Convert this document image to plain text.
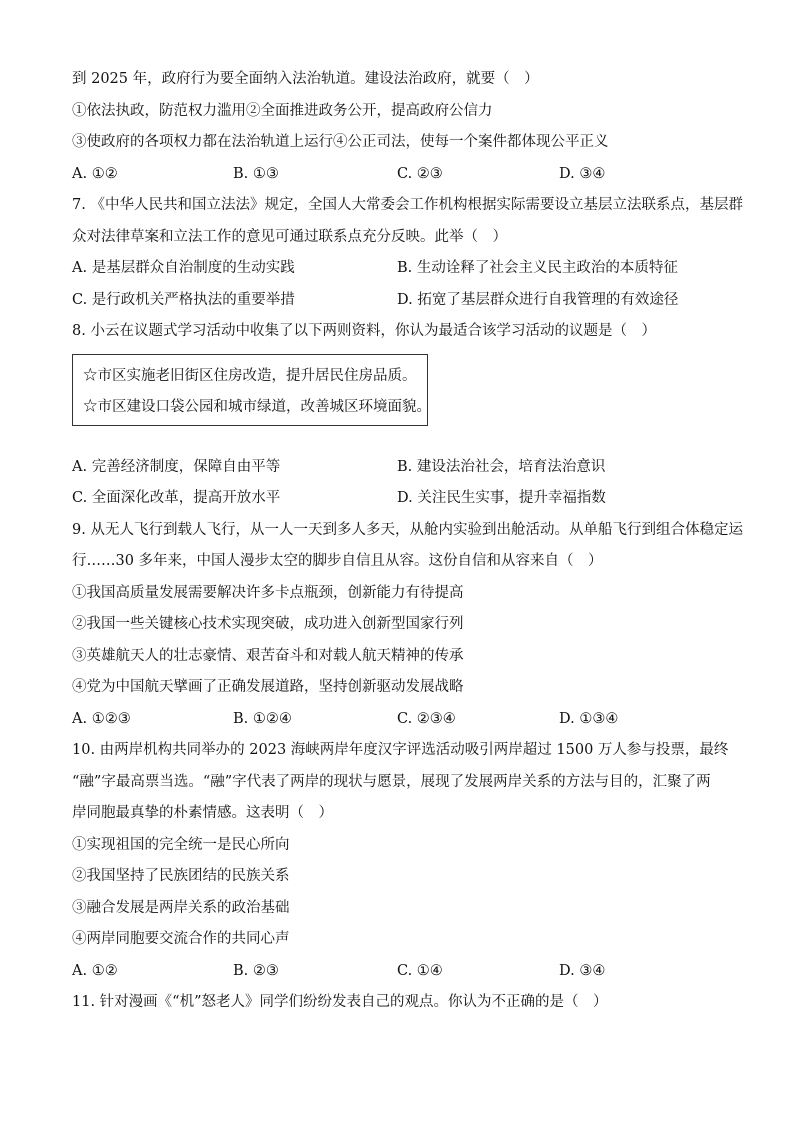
到 2025 年，政府行为要全面纳入法治轨道。建设法治政府，就要（　）
①依法执政，防范权力滥用②全面推进政务公开，提高政府公信力
③使政府的各项权力都在法治轨道上运行④公正司法，使每一个案件都体现公平正义
A. ①②	B. ①③	C. ②③	D. ③④
7. 《中华人民共和国立法法》规定，全国人大常委会工作机构根据实际需要设立基层立法联系点，基层群
众对法律草案和立法工作的意见可通过联系点充分反映。此举（　）
A. 是基层群众自治制度的生动实践	B. 生动诠释了社会主义民主政治的本质特征
C. 是行政机关严格执法的重要举措	D. 拓宽了基层群众进行自我管理的有效途径
8. 小云在议题式学习活动中收集了以下两则资料，你认为最适合该学习活动的议题是（　）
☆市区实施老旧街区住房改造，提升居民住房品质。
☆市区建设口袋公园和城市绿道，改善城区环境面貌。
A. 完善经济制度，保障自由平等	B. 建设法治社会，培育法治意识
C. 全面深化改革，提高开放水平	D. 关注民生实事，提升幸福指数
9. 从无人飞行到载人飞行，从一人一天到多人多天，从舱内实验到出舱活动。从单船飞行到组合体稳定运
行……30 多年来，中国人漫步太空的脚步自信且从容。这份自信和从容来自（　）
①我国高质量发展需要解决许多卡点瓶颈，创新能力有待提高
②我国一些关键核心技术实现突破，成功进入创新型国家行列
③英雄航天人的壮志豪情、艰苦奋斗和对载人航天精神的传承
④党为中国航天擘画了正确发展道路，坚持创新驱动发展战略
A. ①②③	B. ①②④	C. ②③④	D. ①③④
10. 由两岸机构共同举办的 2023 海峡两岸年度汉字评选活动吸引两岸超过 1500 万人参与投票，最终
“融”字最高票当选。“融”字代表了两岸的现状与愿景，展现了发展两岸关系的方法与目的，汇聚了两
岸同胞最真挚的朴素情感。这表明（　）
①实现祖国的完全统一是民心所向
②我国坚持了民族团结的民族关系
③融合发展是两岸关系的政治基础
④两岸同胞要交流合作的共同心声
A. ①②	B. ②③	C. ①④	D. ③④
11. 针对漫画《“机”怒老人》同学们纷纷发表自己的观点。你认为不正确的是（　）
